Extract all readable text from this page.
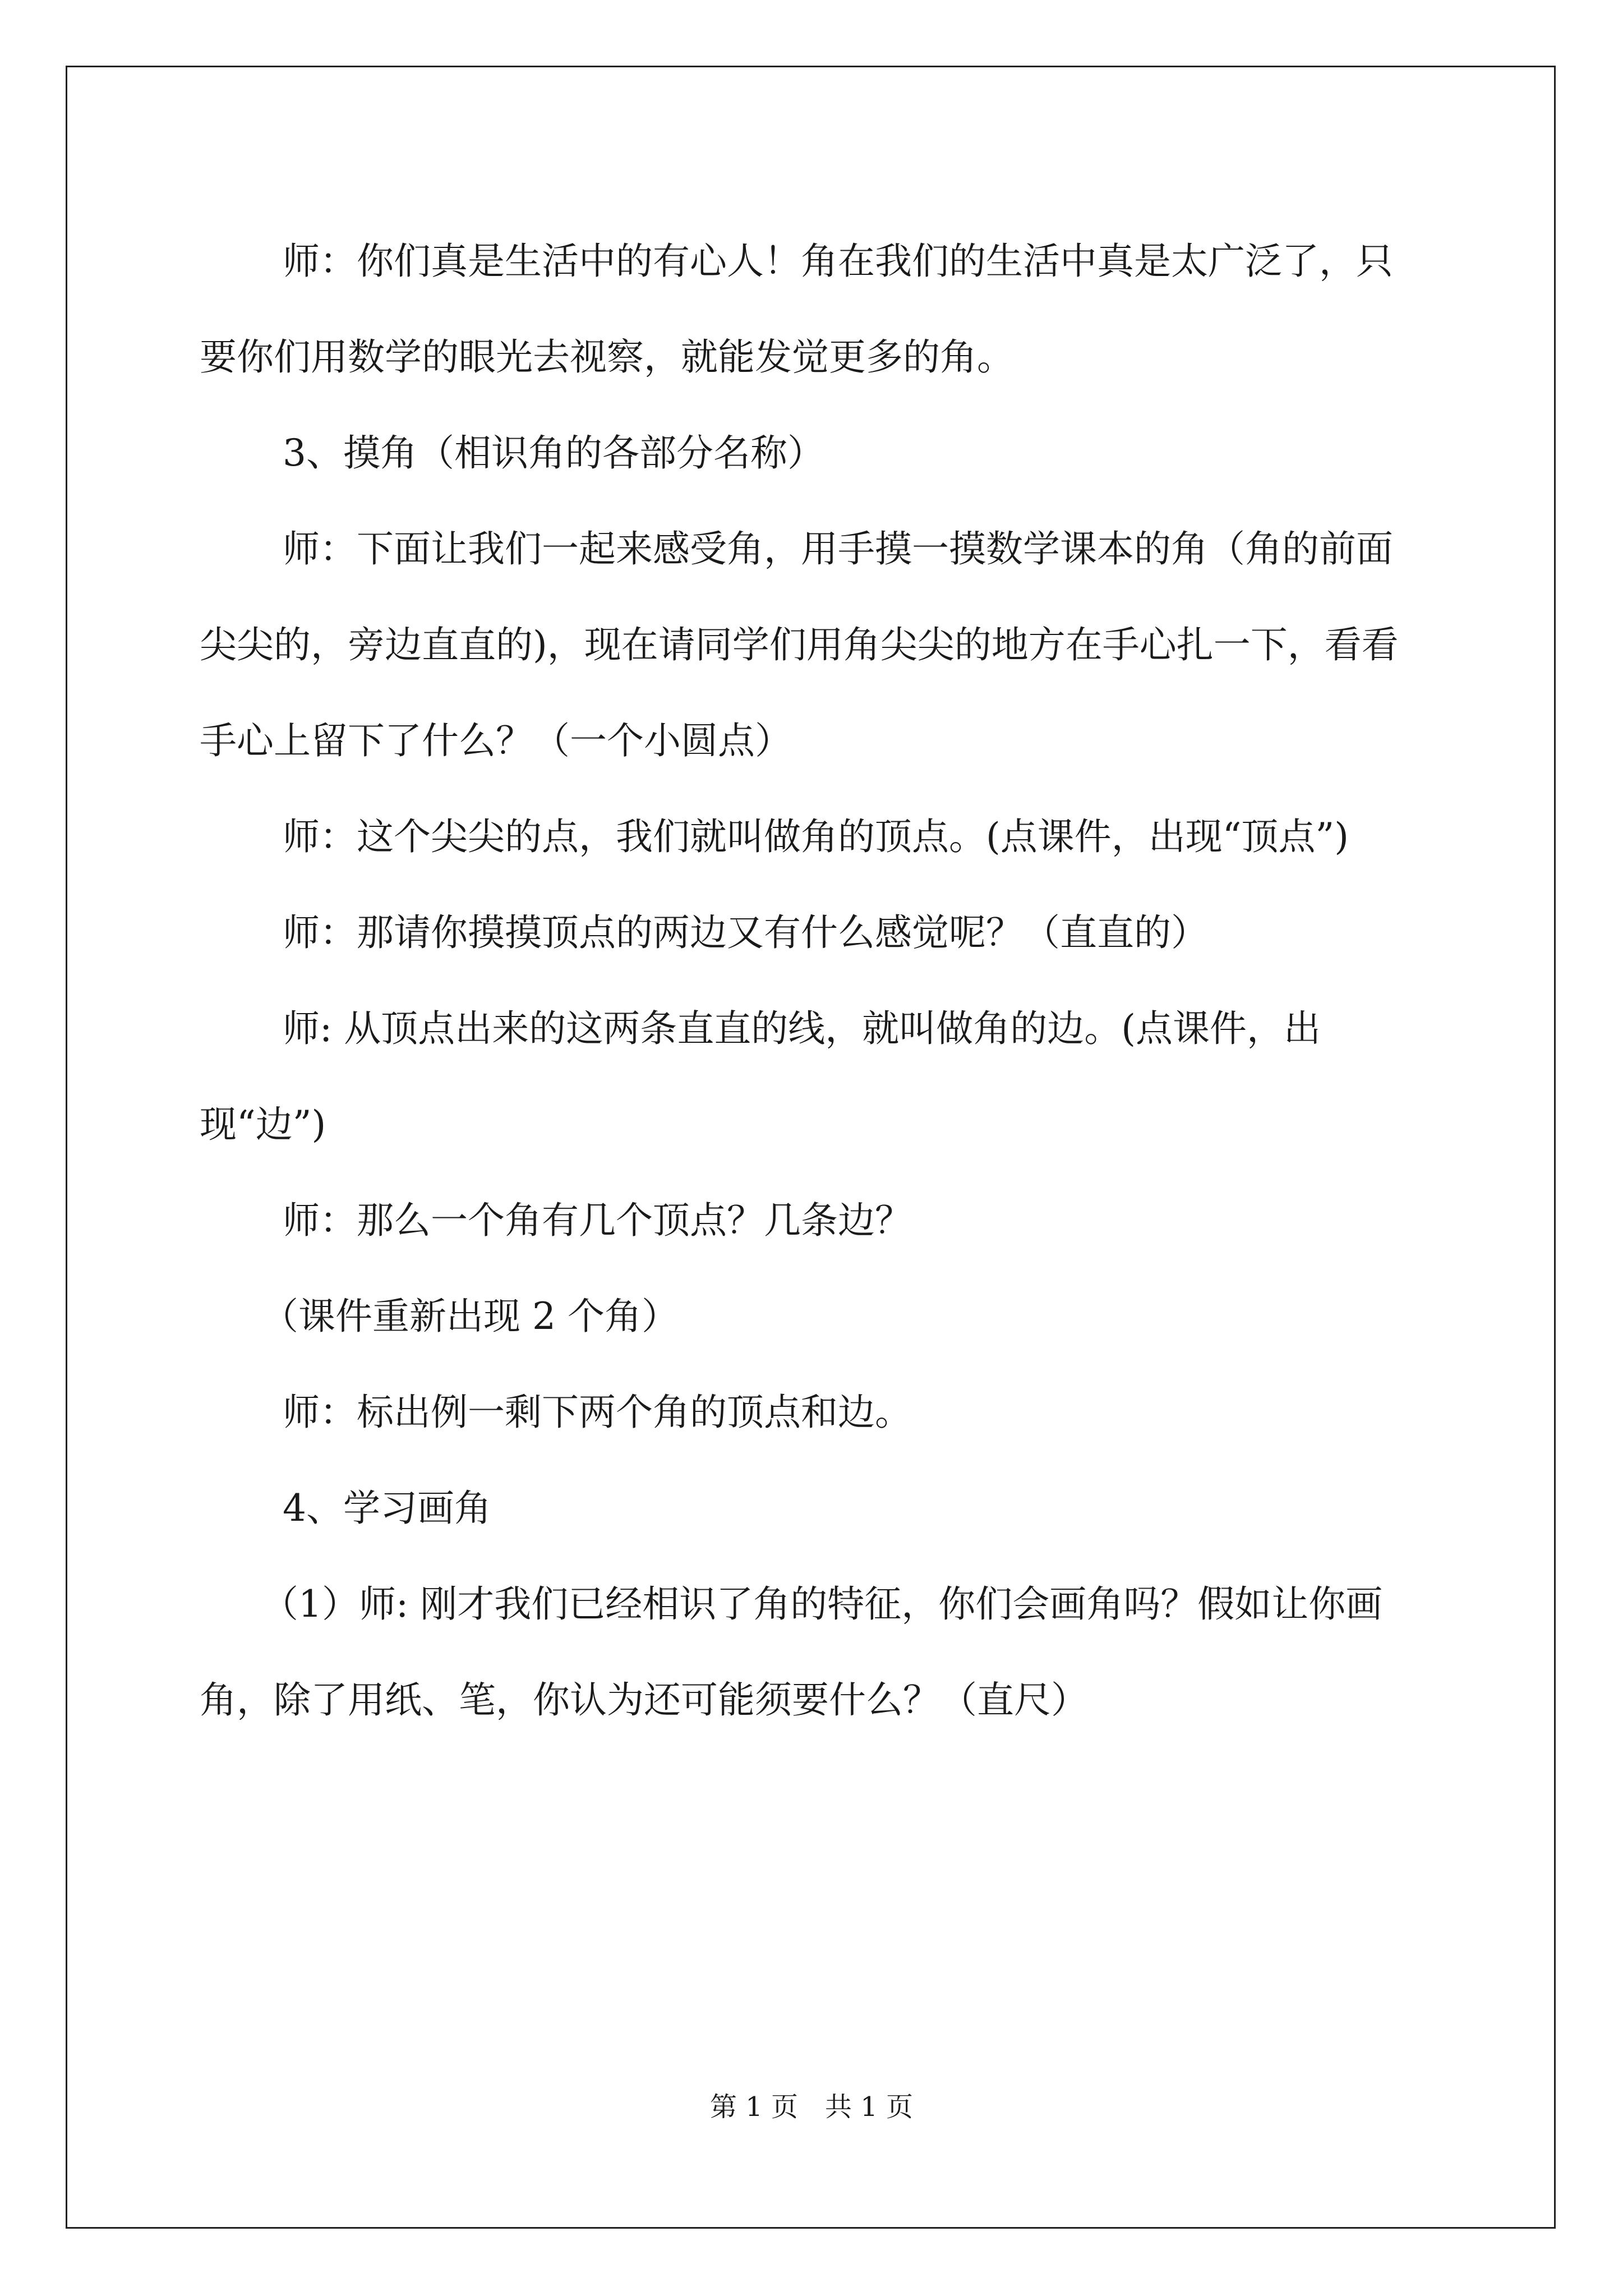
师：你们真是生活中的有心人！角在我们的生活中真是太广泛了，只要你们用数学的眼光去视察，就能发觉更多的角。

3、摸角（相识角的各部分名称）

师：下面让我们一起来感受角，用手摸一摸数学课本的角（角的前面尖尖的，旁边直直的)，现在请同学们用角尖尖的地方在手心扎一下，看看手心上留下了什么？（一个小圆点）

师：这个尖尖的点，我们就叫做角的顶点。(点课件，出现“顶点”)

师：那请你摸摸顶点的两边又有什么感觉呢？（直直的）

师: 从顶点出来的这两条直直的线，就叫做角的边。(点课件，出现“边”)

师：那么一个角有几个顶点？几条边？

（课件重新出现 2 个角）

师：标出例一剩下两个角的顶点和边。

4、学习画角

（1）师: 刚才我们已经相识了角的特征，你们会画角吗？假如让你画角，除了用纸、笔，你认为还可能须要什么？（直尺）

第 1 页　共 1 页
